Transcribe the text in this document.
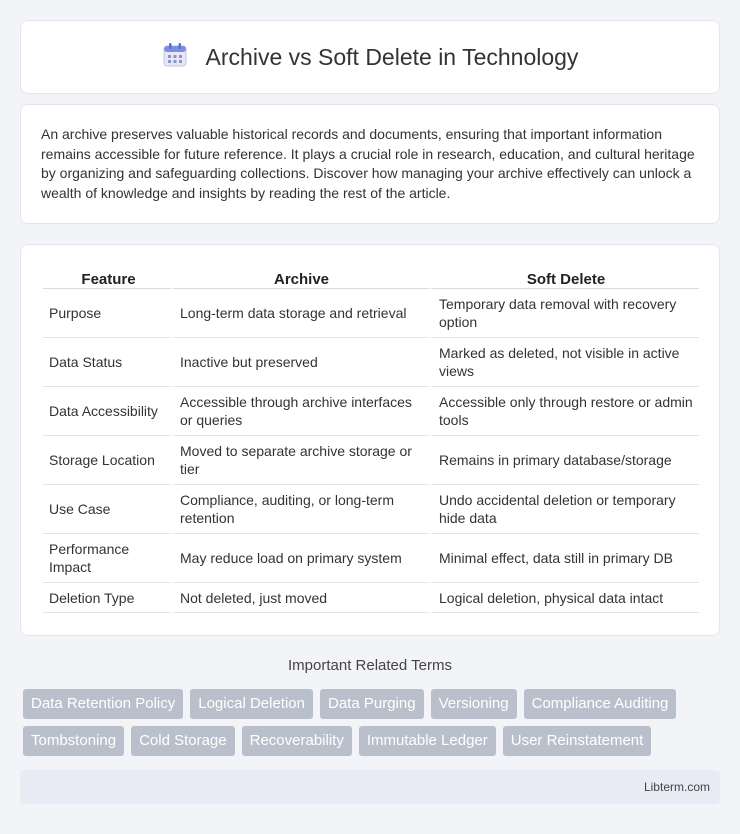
Archive vs Soft Delete in Technology

An archive preserves valuable historical records and documents, ensuring that important information remains accessible for future reference. It plays a crucial role in research, education, and cultural heritage by organizing and safeguarding collections. Discover how managing your archive effectively can unlock a wealth of knowledge and insights by reading the rest of the article.

Feature	Archive	Soft Delete
Purpose	Long-term data storage and retrieval	Temporary data removal with recovery option
Data Status	Inactive but preserved	Marked as deleted, not visible in active views
Data Accessibility	Accessible through archive interfaces or queries	Accessible only through restore or admin tools
Storage Location	Moved to separate archive storage or tier	Remains in primary database/storage
Use Case	Compliance, auditing, or long-term retention	Undo accidental deletion or temporary hide data
Performance Impact	May reduce load on primary system	Minimal effect, data still in primary DB
Deletion Type	Not deleted, just moved	Logical deletion, physical data intact
Important Related Terms
Data Retention Policy	Logical Deletion	Data Purging	Versioning	Compliance Auditing
Tombstoning	Cold Storage	Recoverability	Immutable Ledger	User Reinstatement
Libterm.com
